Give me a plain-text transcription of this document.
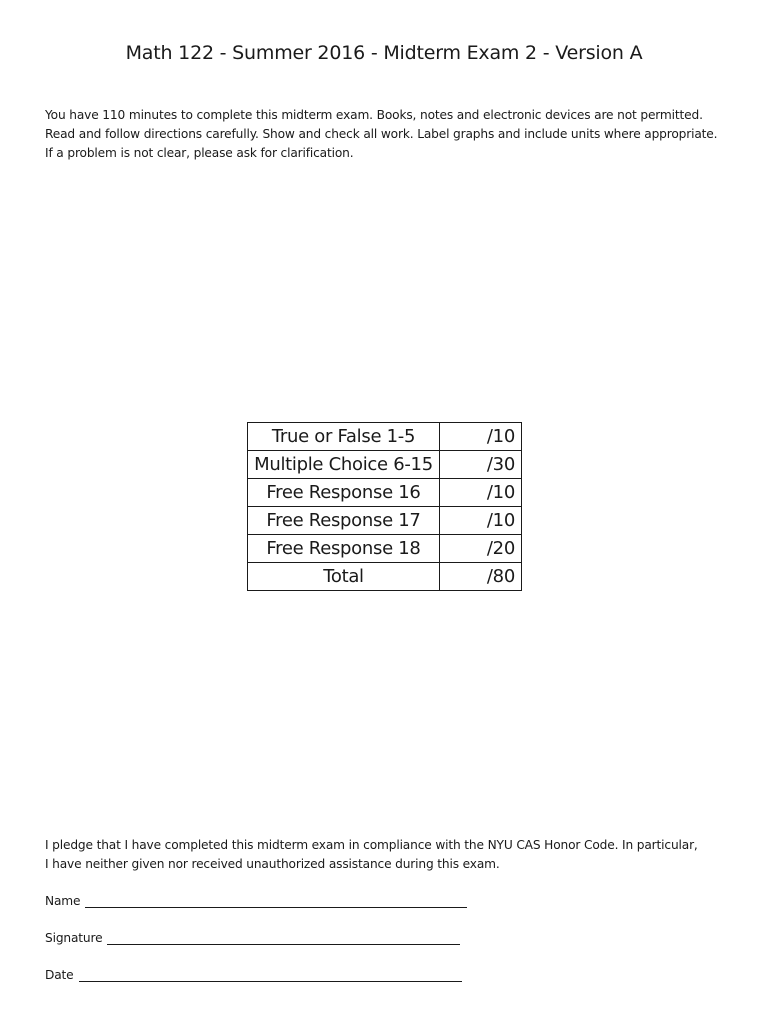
Math 122 - Summer 2016 - Midterm Exam 2 - Version A

You have 110 minutes to complete this midterm exam. Books, notes and electronic devices are not permitted.

Read and follow directions carefully. Show and check all work. Label graphs and include units where appropriate.

If a problem is not clear, please ask for clarification.

True or False 1-5	/10
Multiple Choice 6-15	/30
Free Response 16	/10
Free Response 17	/10
Free Response 18	/20
Total	/80

I pledge that I have completed this midterm exam in compliance with the NYU CAS Honor Code. In particular,

I have neither given nor received unauthorized assistance during this exam.

Name
Signature
Date
